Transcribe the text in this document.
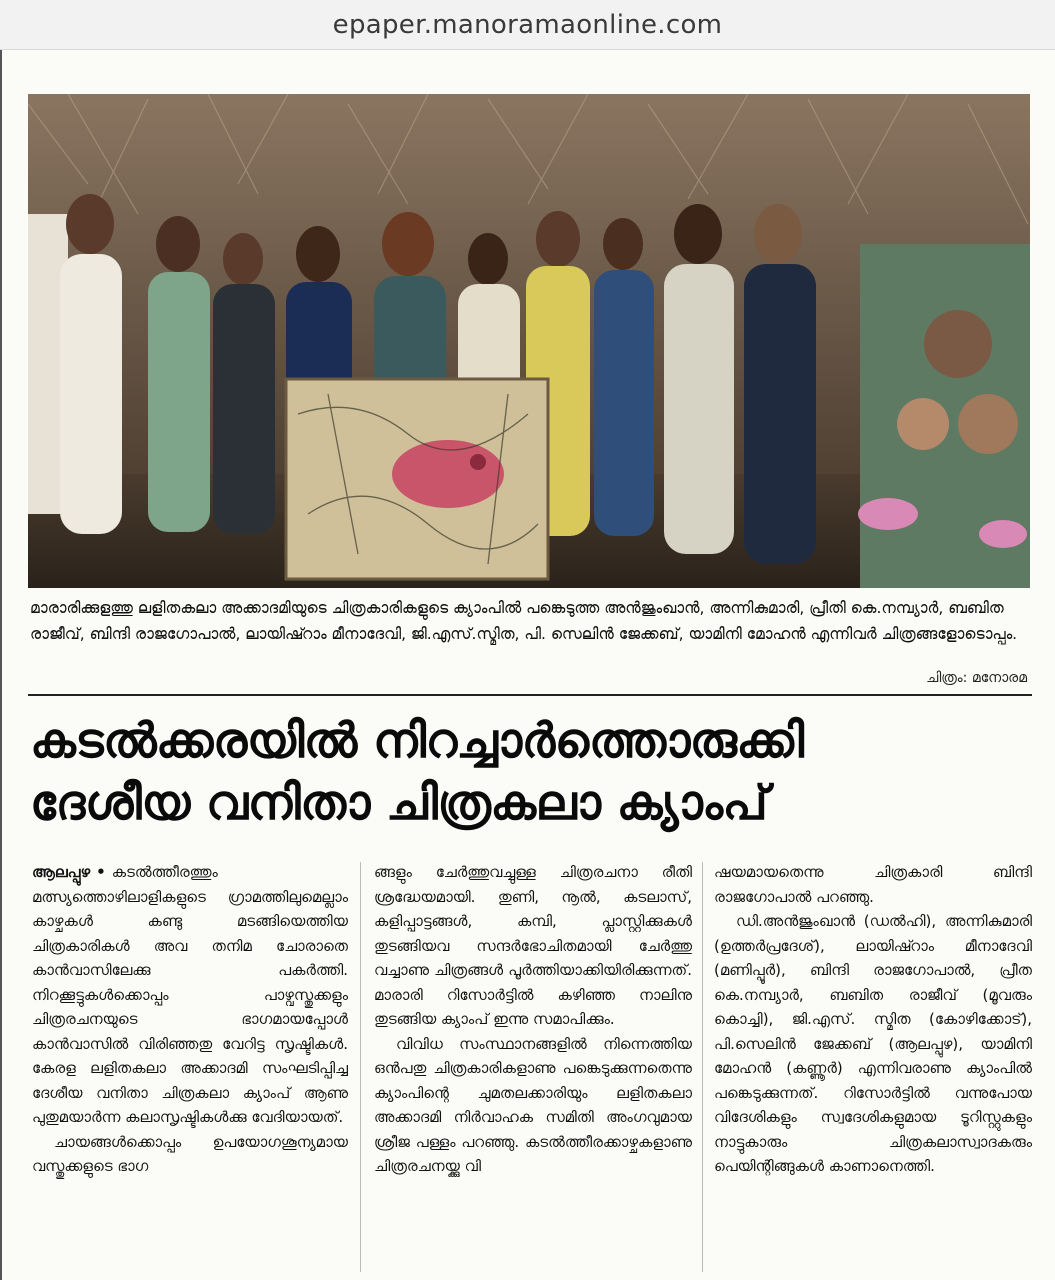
epaper.manoramaonline.com

മാരാരിക്കുളത്തു ലളിതകലാ അക്കാദമിയുടെ ചിത്രകാരികളുടെ ക്യാംപിൽ പങ്കെടുത്ത അൻജുംഖാൻ, അന്നികുമാരി, പ്രീതി കെ.നമ്പ്യാർ, ബബിത രാജീവ്, ബിന്ദി രാജഗോപാൽ, ലായിഷ്റാം മീനാദേവി, ജി.എസ്.സ്മിത, പി. സെലിൻ ജേക്കബ്, യാമിനി മോഹൻ എന്നിവർ ചിത്രങ്ങളോടൊപ്പം.

ചിത്രം: മനോരമ
കടൽക്കരയിൽ നിറച്ചാർത്തൊരുക്കി
ദേശീയ വനിതാ ചിത്രകലാ ക്യാംപ്
ആലപ്പുഴ • കടൽത്തീരത്തും മത്സ്യത്തൊഴിലാളികളുടെ ഗ്രാമത്തിലുമെല്ലാം കാഴ്ചകൾ കണ്ടു മടങ്ങിയെത്തിയ ചിത്രകാരികൾ അവ തനിമ ചോരാതെ കാൻവാസിലേക്കു പകർത്തി. നിറക്കൂട്ടുകൾക്കൊപ്പം പാഴ്വസ്തുക്കളും ചിത്രരചനയുടെ ഭാഗമായപ്പോൾ കാൻവാസിൽ വിരിഞ്ഞതു വേറിട്ട സൃഷ്ടികൾ. കേരള ലളിതകലാ അക്കാദമി സംഘടിപ്പിച്ച ദേശീയ വനിതാ ചിത്രകലാ ക്യാംപ് ആണു പുതുമയാർന്ന കലാസൃഷ്ടികൾക്കു വേദിയായത്.
ചായങ്ങൾക്കൊപ്പം ഉപയോഗശൂന്യമായ വസ്തുക്കളുടെ ഭാഗ
ങ്ങളും ചേർത്തുവച്ചുള്ള ചിത്രരചനാ രീതി ശ്രദ്ധേയമായി. തുണി, നൂൽ, കടലാസ്, കളിപ്പാട്ടങ്ങൾ, കമ്പി, പ്ലാസ്റ്റിക്കുകൾ തുടങ്ങിയവ സന്ദർഭോചിതമായി ചേർത്തു വച്ചാണു ചിത്രങ്ങൾ പൂർത്തിയാക്കിയിരിക്കുന്നത്. മാരാരി റിസോർട്ടിൽ കഴിഞ്ഞ നാലിനു തുടങ്ങിയ ക്യാംപ് ഇന്നു സമാപിക്കും.
വിവിധ സംസ്ഥാനങ്ങളിൽ നിന്നെത്തിയ ഒൻപതു ചിത്രകാരികളാണു പങ്കെടുക്കുന്നതെന്നു ക്യാംപിന്റെ ചുമതലക്കാരിയും ലളിതകലാ അക്കാദമി നിർവാഹക സമിതി അംഗവുമായ ശ്രീജ പള്ളം പറഞ്ഞു. കടൽത്തീരക്കാഴ്ചകളാണു ചിത്രരചനയ്ക്കു വി
ഷയമായതെന്നു ചിത്രകാരി ബിന്ദി രാജഗോപാൽ പറഞ്ഞു.
ഡി.അൻജുംഖാൻ (ഡൽഹി), അന്നികുമാരി (ഉത്തർപ്രദേശ്), ലായിഷ്റാം മീനാദേവി (മണിപ്പൂർ), ബിന്ദി രാജഗോപാൽ, പ്രീത കെ.നമ്പ്യാർ, ബബിത രാജീവ് (മൂവരും കൊച്ചി), ജി.എസ്. സ്മിത (കോഴിക്കോട്), പി.സെലിൻ ജേക്കബ് (ആലപ്പുഴ), യാമിനി മോഹൻ (കണ്ണൂർ) എന്നിവരാണു ക്യാംപിൽ പങ്കെടുക്കുന്നത്. റിസോർട്ടിൽ വന്നുപോയ വിദേശികളും സ്വദേശികളുമായ ടൂറിസ്റ്റുകളും നാട്ടുകാരും ചിത്രകലാസ്വാദകരും പെയിന്റിങ്ങുകൾ കാണാനെത്തി.
